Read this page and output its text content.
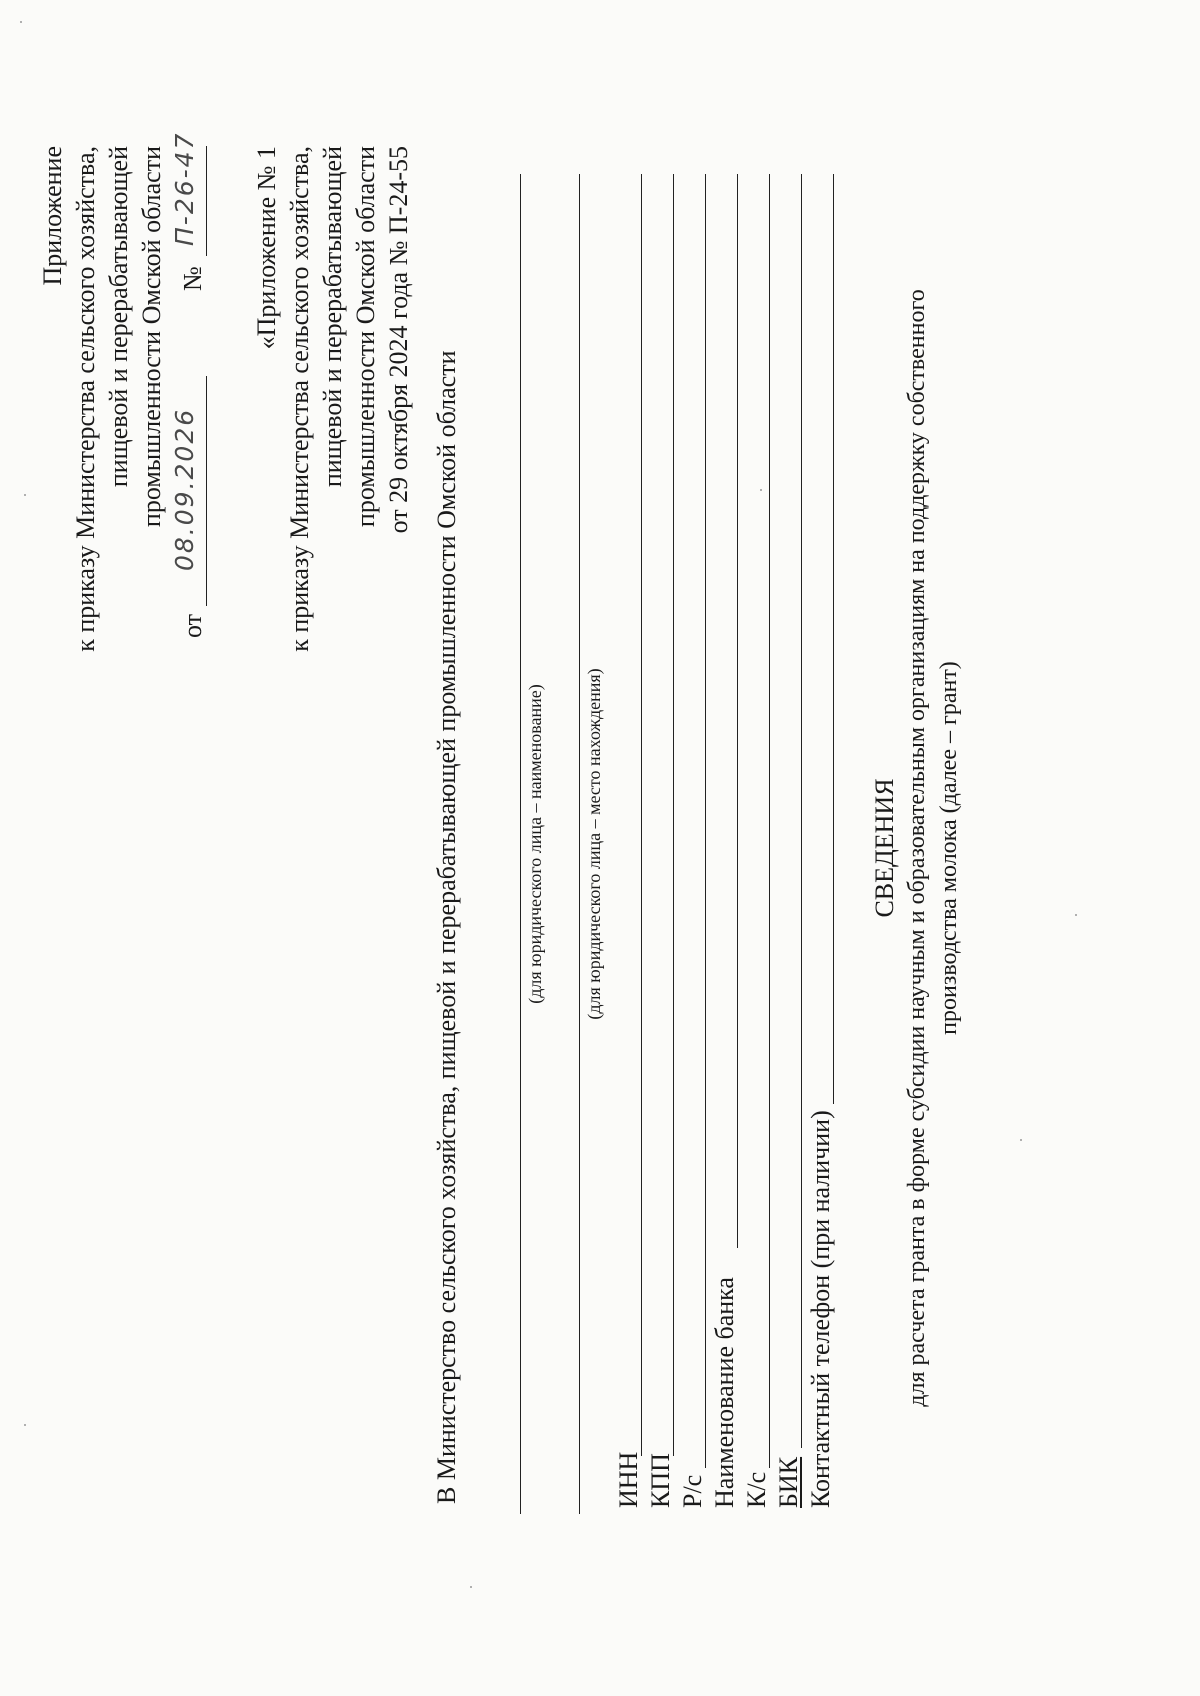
Приложение к приказу Министерства сельского хозяйства, пищевой и перерабатывающей промышленности Омской области
от
08.09.2026
№
П-26-47 «Приложение № 1 к приказу Министерства сельского хозяйства, пищевой и перерабатывающей промышленности Омской области от 29 октября 2024 года № П-24-55
В Министерство сельского хозяйства, пищевой и перерабатывающей промышленности Омской области	(для юридического лица – наименование) (для юридического лица – место нахождения)
ИНН КПП Р/с Наименование банка К/с БИК Контактный телефон (при наличии)
СВЕДЕНИЯ для расчета гранта в форме субсидии научным и образовательным организациям на поддержку собственного производства молока (далее – грант)
